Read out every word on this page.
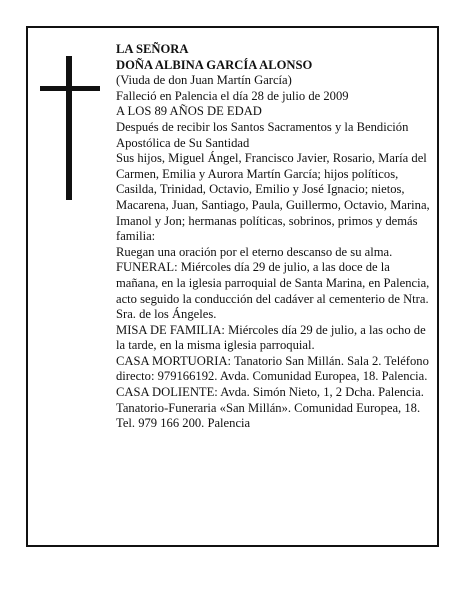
LA SEÑORA

DOÑA ALBINA GARCÍA ALONSO

(Viuda de don Juan Martín García)

Falleció en Palencia el día 28 de julio de 2009

A LOS 89 AÑOS DE EDAD

Después de recibir los Santos Sacramentos y la Bendición Apostólica de Su Santidad

Sus hijos, Miguel Ángel, Francisco Javier, Rosario, María del Carmen, Emilia y Aurora Martín García; hijos políticos, Casilda, Trinidad, Octavio, Emilio y José Ignacio; nietos, Macarena, Juan, Santiago, Paula, Guillermo, Octavio, Marina, Imanol y Jon; hermanas políticas, sobrinos, primos y demás familia:

Ruegan una oración por el eterno descanso de su alma.

FUNERAL: Miércoles día 29 de julio, a las doce de la mañana, en la iglesia parroquial de Santa Marina, en Palencia, acto seguido la conducción del cadáver al cementerio de Ntra. Sra. de los Ángeles.

MISA DE FAMILIA: Miércoles día 29 de julio, a las ocho de la tarde, en la misma iglesia parroquial.

CASA MORTUORIA: Tanatorio San Millán. Sala 2. Teléfono directo: 979166192. Avda. Comunidad Europea, 18. Palencia.

CASA DOLIENTE: Avda. Simón Nieto, 1, 2 Dcha. Palencia.

Tanatorio-Funeraria «San Millán». Comunidad Europea, 18. Tel. 979 166 200. Palencia
